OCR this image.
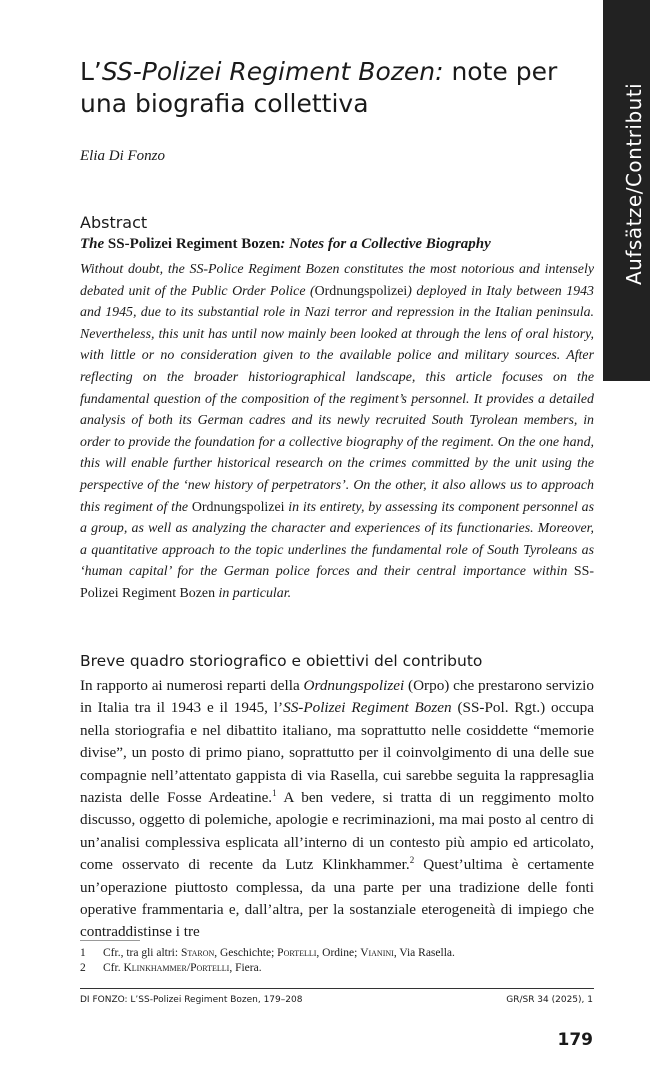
Aufsätze/Contributi
L’SS-Polizei Regiment Bozen: note per una biografia collettiva
Elia Di Fonzo
Abstract
The SS-Polizei Regiment Bozen: Notes for a Collective Biography

Without doubt, the SS-Police Regiment Bozen constitutes the most notorious and intensely debated unit of the Public Order Police (Ordnungspolizei) deployed in Italy between 1943 and 1945, due to its substantial role in Nazi terror and repression in the Italian peninsula. Nevertheless, this unit has until now mainly been looked at through the lens of oral history, with little or no consideration given to the available police and military sources. After reflecting on the broader historiographical landscape, this article focuses on the fundamental question of the composition of the regiment’s personnel. It provides a detailed analysis of both its German cadres and its newly recruited South Tyrolean members, in order to provide the foundation for a collective biography of the regiment. On the one hand, this will enable further historical research on the crimes committed by the unit using the perspective of the ‘new history of perpetrators’. On the other, it also allows us to approach this regiment of the Ordnungspolizei in its entirety, by assessing its component personnel as a group, as well as analyzing the character and experiences of its functionaries. Moreover, a quantitative approach to the topic underlines the fundamental role of South Tyroleans as ‘human capital’ for the German police forces and their central importance within SS-Polizei Regiment Bozen in particular.

Breve quadro storiografico e obiettivi del contributo

In rapporto ai numerosi reparti della Ordnungspolizei (Orpo) che prestarono servizio in Italia tra il 1943 e il 1945, l’SS-Polizei Regiment Bozen (SS-Pol. Rgt.) occupa nella storiografia e nel dibattito italiano, ma soprattutto nelle cosiddette “memorie divise”, un posto di primo piano, soprattutto per il coinvolgimento di una delle sue compagnie nell’attentato gappista di via Rasella, cui sarebbe seguita la rappresaglia nazista delle Fosse Ardeatine.$^1$ A ben vedere, si tratta di un reggimento molto discusso, oggetto di polemiche, apologie e recriminazioni, ma mai posto al centro di un’analisi complessiva esplicata all’interno di un contesto più ampio ed articolato, come osservato di recente da Lutz Klinkhammer.$^2$ Quest’ultima è certamente un’operazione piuttosto complessa, da una parte per una tradizione delle fonti operative frammentaria e, dall’altra, per la sostanziale eterogeneità di impiego che contraddistinse i tre

1	Cfr., tra gli altri: Staron, Geschichte; Portelli, Ordine; Vianini, Via Rasella.
2	Cfr. Klinkhammer/Portelli, Fiera.
DI FONZO: L’SS-Polizei Regiment Bozen, 179–208	GR/SR 34 (2025), 1
179
